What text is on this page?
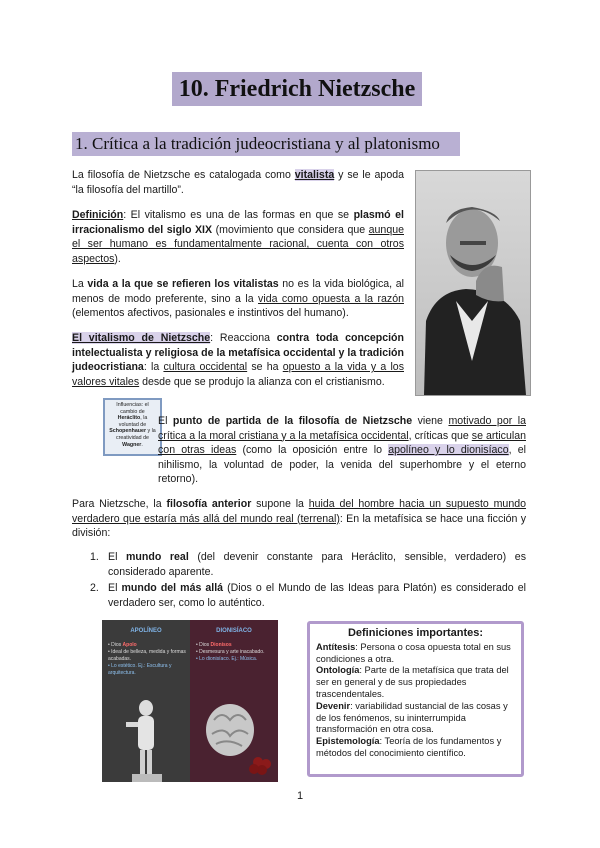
10. Friedrich Nietzsche
1. Crítica a la tradición judeocristiana y al platonismo
La filosofía de Nietzsche es catalogada como vitalista y se le apoda “la filosofía del martillo”.
Definición: El vitalismo es una de las formas en que se plasmó el irracionalismo del siglo XIX (movimiento que considera que aunque el ser humano es fundamentalmente racional, cuenta con otros aspectos).
La vida a la que se refieren los vitalistas no es la vida biológica, al menos de modo preferente, sino a la vida como opuesta a la razón (elementos afectivos, pasionales e instintivos del humano).
El vitalismo de Nietzsche: Reacciona contra toda concepción intelectualista y religiosa de la metafísica occidental y la tradición judeocristiana: la cultura occidental se ha opuesto a la vida y a los valores vitales desde que se produjo la alianza con el cristianismo.
Influencias: el cambio de Heráclito, la voluntad de Schopenhauer y la creatividad de Wagner.
El punto de partida de la filosofía de Nietzsche viene motivado por la crítica a la moral cristiana y a la metafísica occidental, críticas que se articulan con otras ideas (como la oposición entre lo apolíneo y lo dionisíaco, el nihilismo, la voluntad de poder, la venida del superhombre y el eterno retorno).
Para Nietzsche, la filosofía anterior supone la huida del hombre hacia un supuesto mundo verdadero que estaría más allá del mundo real (terrenal): En la metafísica se hace una ficción y división:
1. El mundo real (del devenir constante para Heráclito, sensible, verdadero) es considerado aparente.
2. El mundo del más allá (Dios o el Mundo de las Ideas para Platón) es considerado el verdadero ser, como lo auténtico.
APOLÍNEO
• Dios Apolo
• Ideal de belleza, medida y formas acabadas.
• Lo estético. Ej.: Escultura y arquitectura.
DIONISÍACO
• Dios Dionisos
• Desmesura y arte inacabado.
• Lo dionisíaco. Ej.: Música.
Definiciones importantes:
Antítesis: Persona o cosa opuesta total en sus condiciones a otra.
Ontología: Parte de la metafísica que trata del ser en general y de sus propiedades trascendentales.
Devenir: variabilidad sustancial de las cosas y de los fenómenos, su ininterrumpida transformación en otra cosa.
Epistemología: Teoría de los fundamentos y métodos del conocimiento científico.
1
